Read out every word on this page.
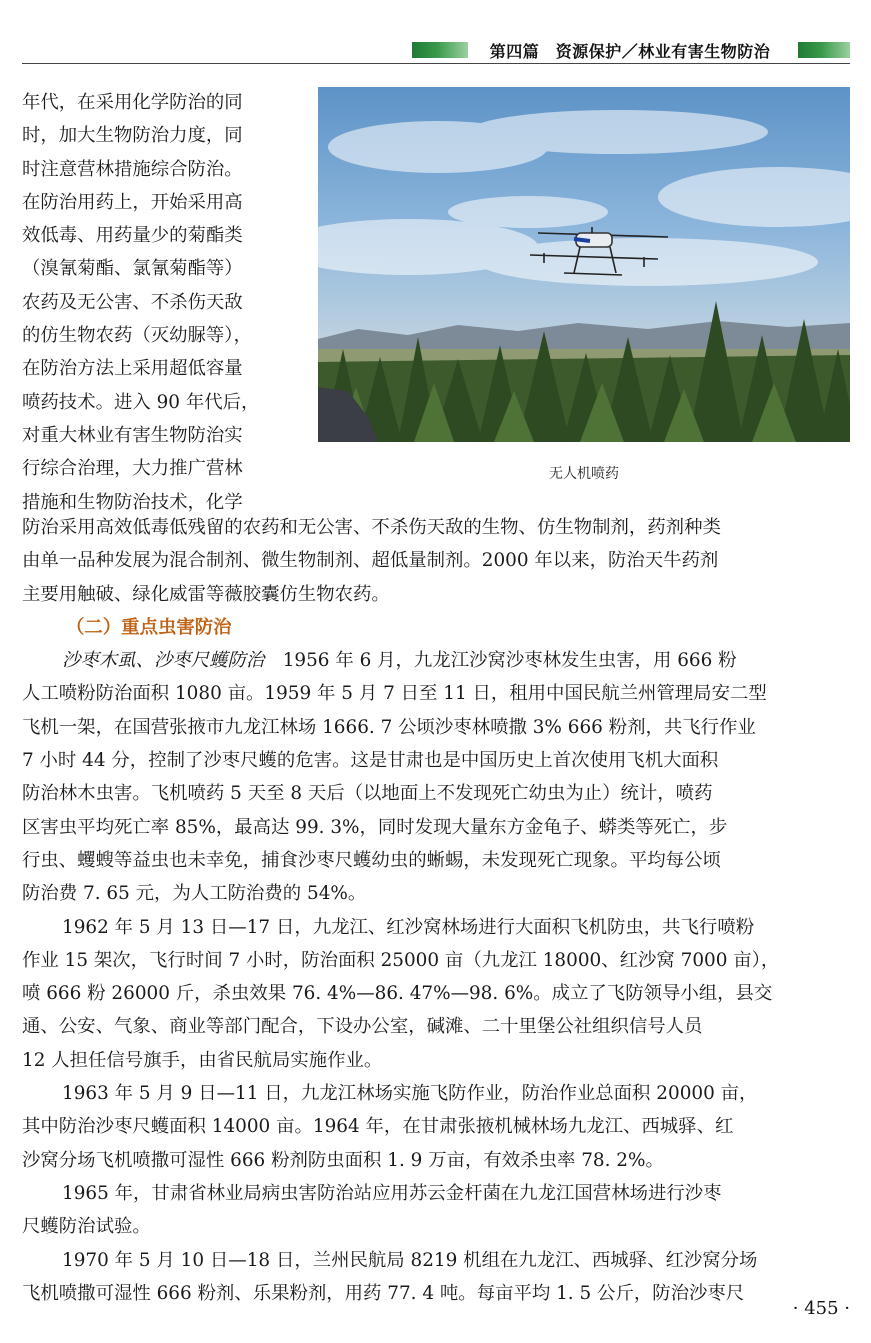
第四篇　资源保护／林业有害生物防治
无人机喷药
年代，在采用化学防治的同
时，加大生物防治力度，同
时注意营林措施综合防治。
在防治用药上，开始采用高
效低毒、用药量少的菊酯类
（溴氰菊酯、氯氰菊酯等）
农药及无公害、不杀伤天敌
的仿生物农药（灭幼脲等），
在防治方法上采用超低容量
喷药技术。进入 90 年代后，
对重大林业有害生物防治实
行综合治理，大力推广营林
措施和生物防治技术，化学
防治采用高效低毒低残留的农药和无公害、不杀伤天敌的生物、仿生物制剂，药剂种类
由单一品种发展为混合制剂、微生物制剂、超低量制剂。2000 年以来，防治天牛药剂
主要用触破、绿化威雷等薇胶囊仿生物农药。
（二）重点虫害防治
沙枣木虱、沙枣尺蠖防治　1956 年 6 月，九龙江沙窝沙枣林发生虫害，用 666 粉
人工喷粉防治面积 1080 亩。1959 年 5 月 7 日至 11 日，租用中国民航兰州管理局安二型
飞机一架，在国营张掖市九龙江林场 1666. 7 公顷沙枣林喷撒 3% 666 粉剂，共飞行作业
7 小时 44 分，控制了沙枣尺蠖的危害。这是甘肃也是中国历史上首次使用飞机大面积
防治林木虫害。飞机喷药 5 天至 8 天后（以地面上不发现死亡幼虫为止）统计，喷药
区害虫平均死亡率 85%，最高达 99. 3%，同时发现大量东方金龟子、蟒类等死亡，步
行虫、蠼螋等益虫也未幸免，捕食沙枣尺蠖幼虫的蜥蜴，未发现死亡现象。平均每公顷
防治费 7. 65 元，为人工防治费的 54%。
1962 年 5 月 13 日—17 日，九龙江、红沙窝林场进行大面积飞机防虫，共飞行喷粉
作业 15 架次，飞行时间 7 小时，防治面积 25000 亩（九龙江 18000、红沙窝 7000 亩），
喷 666 粉 26000 斤，杀虫效果 76. 4%—86. 47%—98. 6%。成立了飞防领导小组，县交
通、公安、气象、商业等部门配合，下设办公室，碱滩、二十里堡公社组织信号人员
12 人担任信号旗手，由省民航局实施作业。
1963 年 5 月 9 日—11 日，九龙江林场实施飞防作业，防治作业总面积 20000 亩，
其中防治沙枣尺蠖面积 14000 亩。1964 年，在甘肃张掖机械林场九龙江、西城驿、红
沙窝分场飞机喷撒可湿性 666 粉剂防虫面积 1. 9 万亩，有效杀虫率 78. 2%。
1965 年，甘肃省林业局病虫害防治站应用苏云金杆菌在九龙江国营林场进行沙枣
尺蠖防治试验。
1970 年 5 月 10 日—18 日，兰州民航局 8219 机组在九龙江、西城驿、红沙窝分场
飞机喷撒可湿性 666 粉剂、乐果粉剂，用药 77. 4 吨。每亩平均 1. 5 公斤，防治沙枣尺
· 455 ·
